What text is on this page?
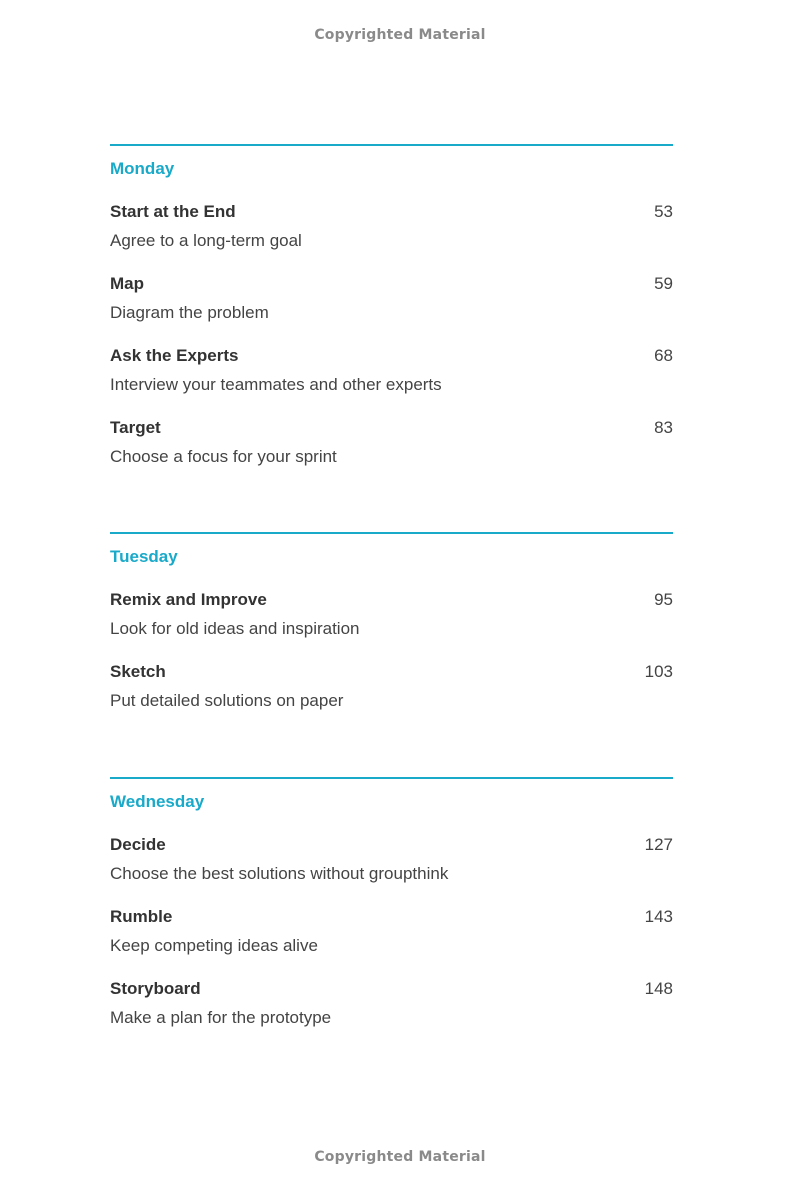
Copyrighted Material
Monday
Start at the End	53
Agree to a long-term goal
Map	59
Diagram the problem
Ask the Experts	68
Interview your teammates and other experts
Target	83
Choose a focus for your sprint
Tuesday
Remix and Improve	95
Look for old ideas and inspiration
Sketch	103
Put detailed solutions on paper
Wednesday
Decide	127
Choose the best solutions without groupthink
Rumble	143
Keep competing ideas alive
Storyboard	148
Make a plan for the prototype
Copyrighted Material
